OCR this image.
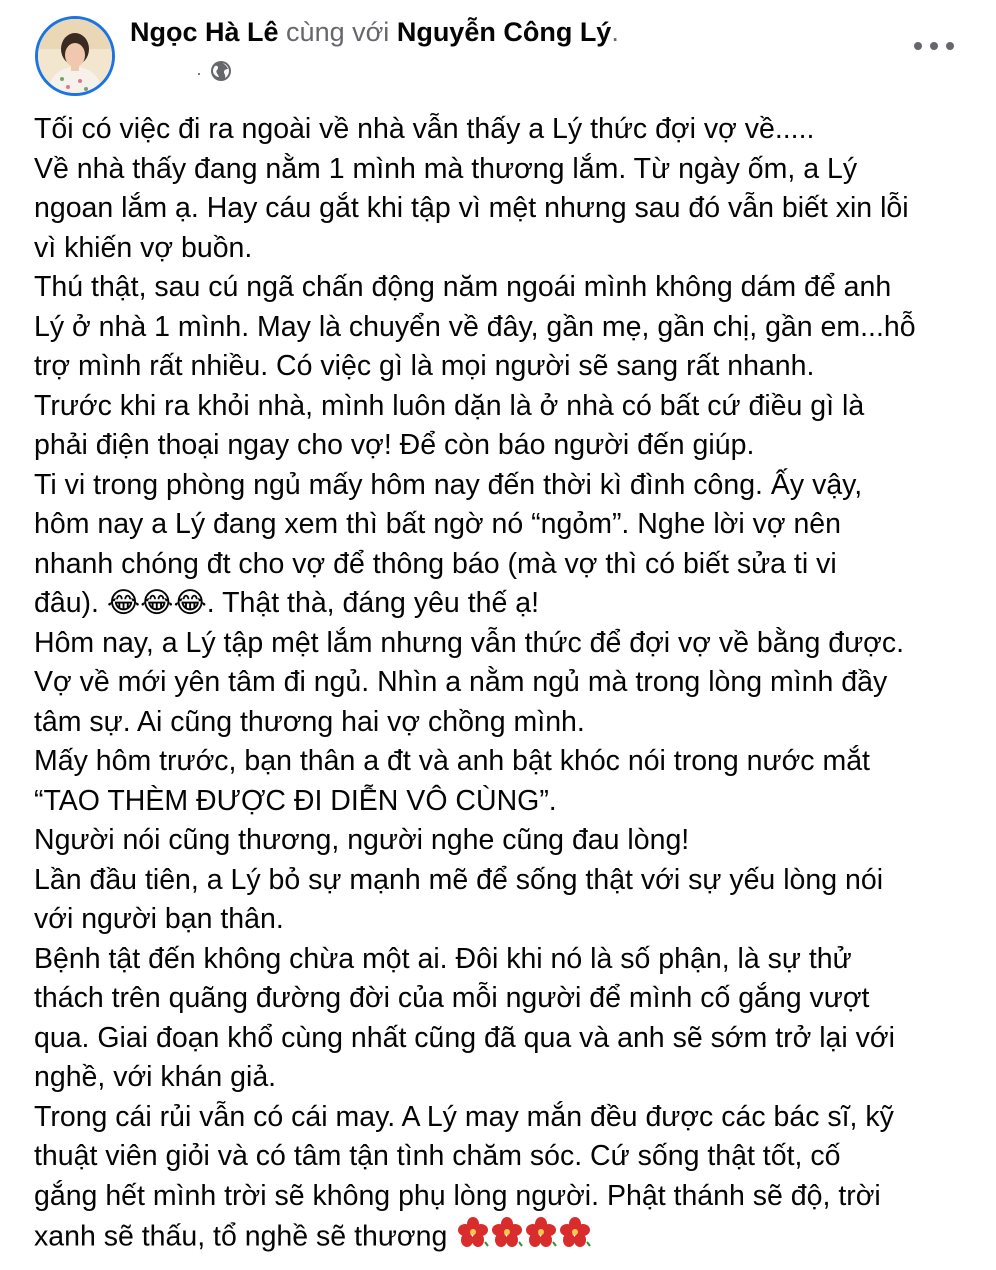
Ngọc Hà Lê cùng với Nguyễn Công Lý.
·

Tối có việc đi ra ngoài về nhà vẫn thấy a Lý thức đợi vợ về.....

Về nhà thấy đang nằm 1 mình mà thương lắm. Từ ngày ốm, a Lý

ngoan lắm ạ. Hay cáu gắt khi tập vì mệt nhưng sau đó vẫn biết xin lỗi

vì khiến vợ buồn.

Thú thật, sau cú ngã chấn động năm ngoái mình không dám để anh

Lý ở nhà 1 mình. May là chuyển về đây, gần mẹ, gần chị, gần em...hỗ

trợ mình rất nhiều. Có việc gì là mọi người sẽ sang rất nhanh.

Trước khi ra khỏi nhà, mình luôn dặn là ở nhà có bất cứ điều gì là

phải điện thoại ngay cho vợ! Để còn báo người đến giúp.

Ti vi trong phòng ngủ mấy hôm nay đến thời kì đình công. Ấy vậy,

hôm nay a Lý đang xem thì bất ngờ nó “ngỏm”. Nghe lời vợ nên

nhanh chóng đt cho vợ để thông báo (mà vợ thì có biết sửa ti vi

đâu). 😂😂😂. Thật thà, đáng yêu thế ạ!

Hôm nay, a Lý tập mệt lắm nhưng vẫn thức để đợi vợ về bằng được.

Vợ về mới yên tâm đi ngủ. Nhìn a nằm ngủ mà trong lòng mình đầy

tâm sự. Ai cũng thương hai vợ chồng mình.

Mấy hôm trước, bạn thân a đt và anh bật khóc nói trong nước mắt

“TAO THÈM ĐƯỢC ĐI DIỄN VÔ CÙNG”.

Người nói cũng thương, người nghe cũng đau lòng!

Lần đầu tiên, a Lý bỏ sự mạnh mẽ để sống thật với sự yếu lòng nói

với người bạn thân.

Bệnh tật đến không chừa một ai. Đôi khi nó là số phận, là sự thử

thách trên quãng đường đời của mỗi người để mình cố gắng vượt

qua. Giai đoạn khổ cùng nhất cũng đã qua và anh sẽ sớm trở lại với

nghề, với khán giả.

Trong cái rủi vẫn có cái may. A Lý may mắn đều được các bác sĩ, kỹ

thuật viên giỏi và có tâm tận tình chăm sóc. Cứ sống thật tốt, cố

gắng hết mình trời sẽ không phụ lòng người. Phật thánh sẽ độ, trời

xanh sẽ thấu, tổ nghề sẽ thương
